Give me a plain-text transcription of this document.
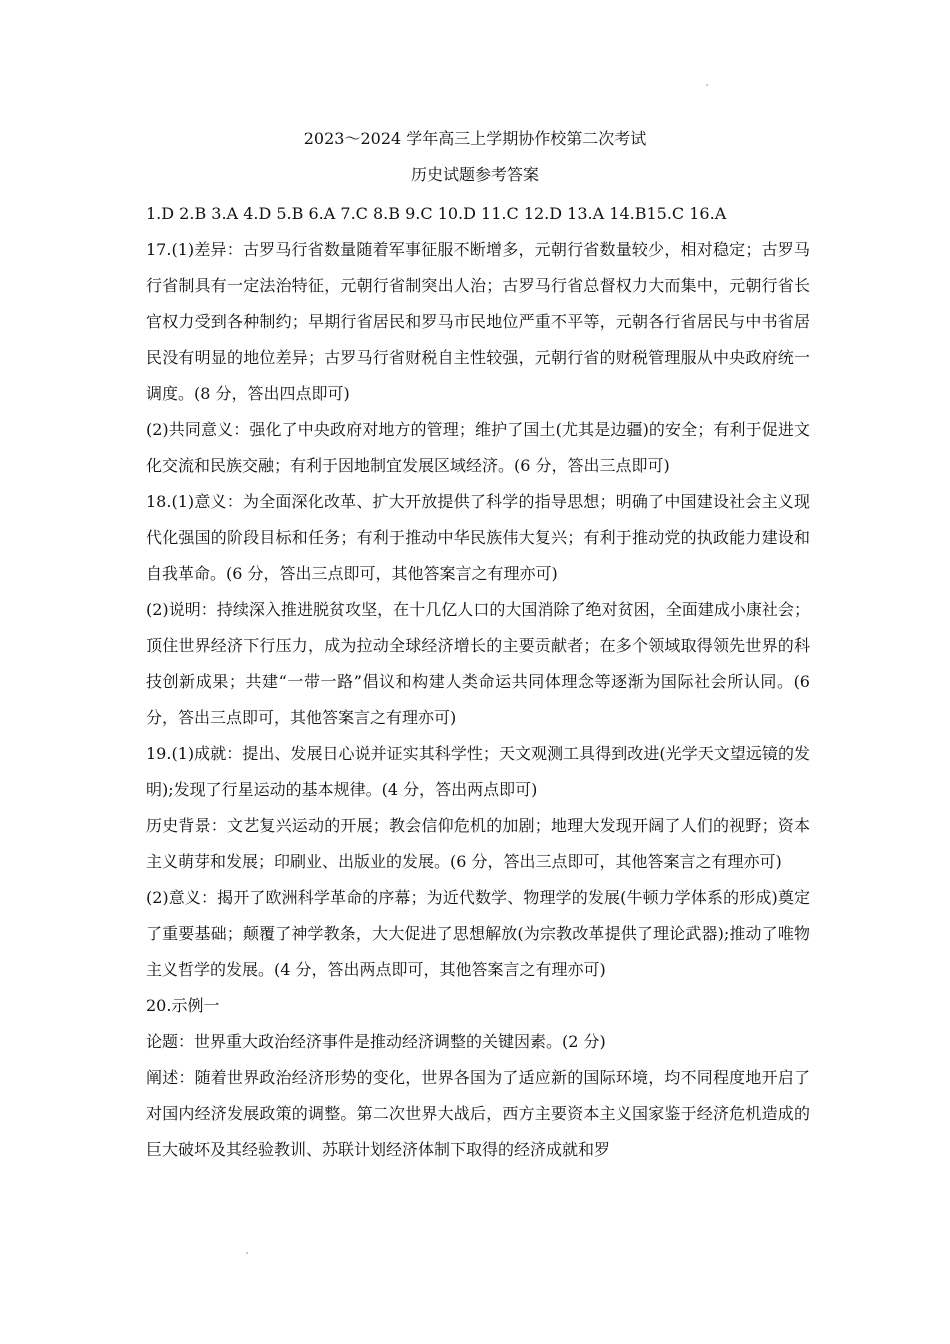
2023～2024 学年高三上学期协作校第二次考试
历史试题参考答案

1.D 2.B 3.A 4.D 5.B 6.A 7.C 8.B 9.C 10.D 11.C 12.D 13.A 14.B15.C 16.A

17.(1)差异：古罗马行省数量随着军事征服不断增多，元朝行省数量较少，相对稳定；古罗马行省制具有一定法治特征，元朝行省制突出人治；古罗马行省总督权力大而集中，元朝行省长官权力受到各种制约；早期行省居民和罗马市民地位严重不平等，元朝各行省居民与中书省居民没有明显的地位差异；古罗马行省财税自主性较强，元朝行省的财税管理服从中央政府统一调度。(8 分，答出四点即可)

(2)共同意义：强化了中央政府对地方的管理；维护了国土(尤其是边疆)的安全；有利于促进文化交流和民族交融；有利于因地制宜发展区域经济。(6 分，答出三点即可)

18.(1)意义：为全面深化改革、扩大开放提供了科学的指导思想；明确了中国建设社会主义现代化强国的阶段目标和任务；有利于推动中华民族伟大复兴；有利于推动党的执政能力建设和自我革命。(6 分，答出三点即可，其他答案言之有理亦可)

(2)说明：持续深入推进脱贫攻坚，在十几亿人口的大国消除了绝对贫困，全面建成小康社会；顶住世界经济下行压力，成为拉动全球经济增长的主要贡献者；在多个领域取得领先世界的科技创新成果；共建“一带一路”倡议和构建人类命运共同体理念等逐渐为国际社会所认同。(6 分，答出三点即可，其他答案言之有理亦可)

19.(1)成就：提出、发展日心说并证实其科学性；天文观测工具得到改进(光学天文望远镜的发明);发现了行星运动的基本规律。(4 分，答出两点即可)

历史背景：文艺复兴运动的开展；教会信仰危机的加剧；地理大发现开阔了人们的视野；资本主义萌芽和发展；印刷业、出版业的发展。(6 分，答出三点即可，其他答案言之有理亦可)

(2)意义：揭开了欧洲科学革命的序幕；为近代数学、物理学的发展(牛顿力学体系的形成)奠定了重要基础；颠覆了神学教条，大大促进了思想解放(为宗教改革提供了理论武器);推动了唯物主义哲学的发展。(4 分，答出两点即可，其他答案言之有理亦可)

20.示例一

论题：世界重大政治经济事件是推动经济调整的关键因素。(2 分)

阐述：随着世界政治经济形势的变化，世界各国为了适应新的国际环境，均不同程度地开启了对国内经济发展政策的调整。第二次世界大战后，西方主要资本主义国家鉴于经济危机造成的巨大破坏及其经验教训、苏联计划经济体制下取得的经济成就和罗
